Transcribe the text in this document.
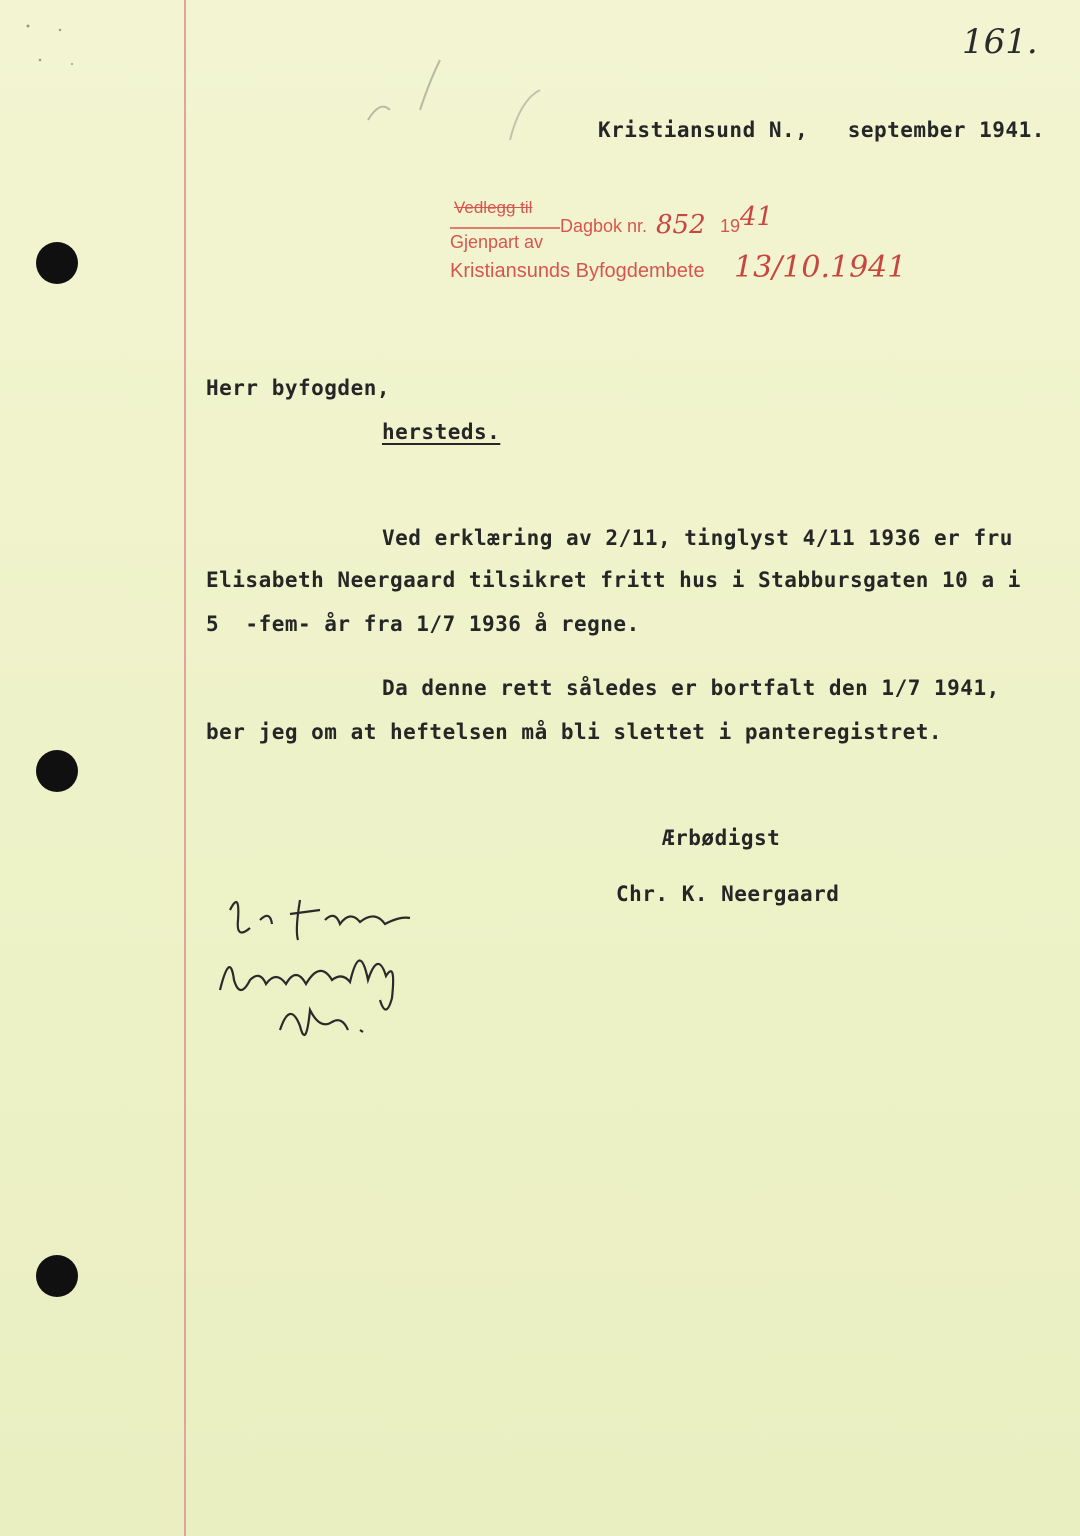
161.
Kristiansund N.,   september 1941.
Vedlegg til
Dagbok nr. 852 19 41
Gjenpart av
Kristiansunds Byfogdembete 13/10.1941
Herr byfogden,
hersteds.
Ved erklæring av 2/11, tinglyst 4/11 1936 er fru
Elisabeth Neergaard tilsikret fritt hus i Stabbursgaten 10 a i
5  -fem- år fra 1/7 1936 å regne.
Da denne rett således er bortfalt den 1/7 1941,
ber jeg om at heftelsen må bli slettet i panteregistret.
Ærbødigst
Chr. K. Neergaard
